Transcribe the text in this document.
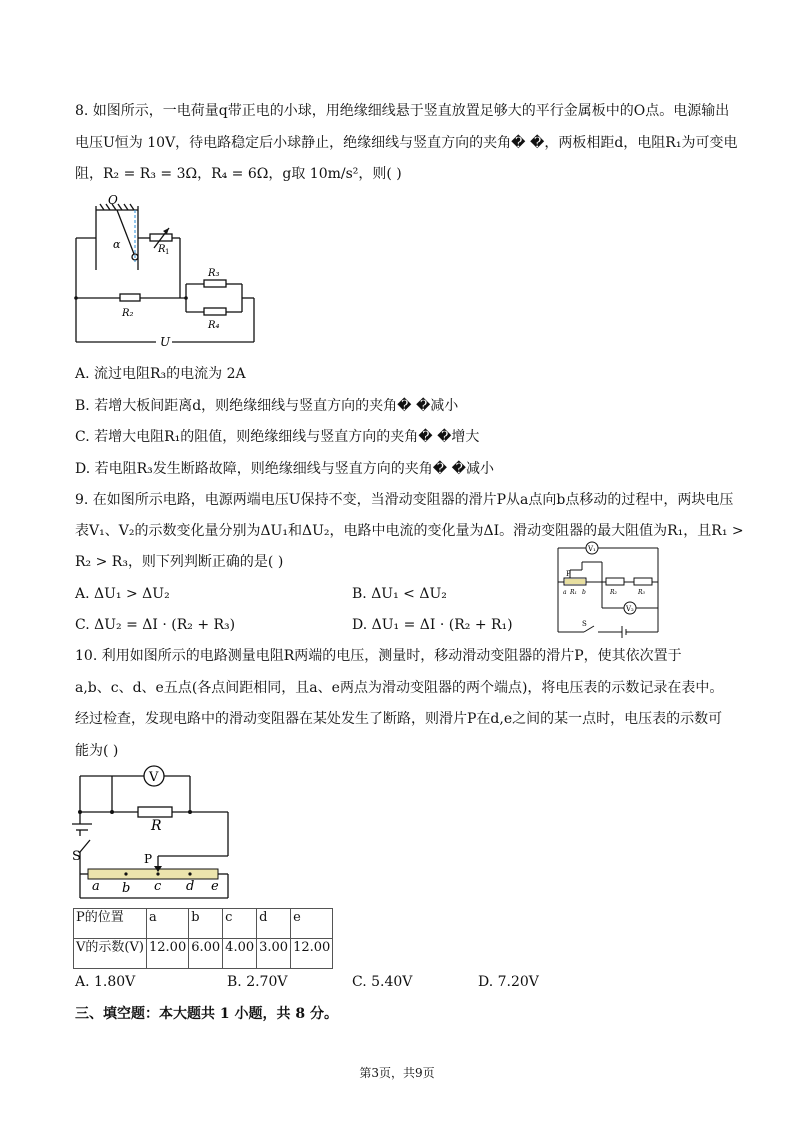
8. 如图所示，一电荷量q带正电的小球，用绝缘细线悬于竖直放置足够大的平行金属板中的O点。电源输出
电压U恒为 10V，待电路稳定后小球静止，绝缘细线与竖直方向的夹角� �，两板相距d，电阻R₁为可变电
阻，R₂ = R₃ = 3Ω，R₄ = 6Ω，g取 10m/s²，则( )
O
α	R 1
R₂
R₃
R₄
U
A. 流过电阻R₃的电流为 2A
B. 若增大板间距离d，则绝缘细线与竖直方向的夹角� �减小
C. 若增大电阻R₁的阻值，则绝缘细线与竖直方向的夹角� �增大
D. 若电阻R₃发生断路故障，则绝缘细线与竖直方向的夹角� �减小
9. 在如图所示电路，电源两端电压U保持不变，当滑动变阻器的滑片P从a点向b点移动的过程中，两块电压
表V₁、V₂的示数变化量分别为ΔU₁和ΔU₂，电路中电流的变化量为ΔI。滑动变阻器的最大阻值为R₁，且R₁ >
R₂ > R₃，则下列判断正确的是( )
A. ΔU₁ > ΔU₂	B. ΔU₁ < ΔU₂
C. ΔU₂ = ΔI · (R₂ + R₃)	D. ΔU₁ = ΔI · (R₂ + R₁)
V₁
V₂
P
a R₁ b	R₂	R₃
S
10. 利用如图所示的电路测量电阻R两端的电压，测量时，移动滑动变阻器的滑片P，使其依次置于
a,b、c、d、e五点(各点间距相同，且a、e两点为滑动变阻器的两个端点)，将电压表的示数记录在表中。
经过检查，发现电路中的滑动变阻器在某处发生了断路，则滑片P在d,e之间的某一点时，电压表的示数可
能为( )
V
R
S	P
a b c d e
P的位置	a	b	c	d	e
V的示数(V)	12.00	6.00	4.00	3.00	12.00
A. 1.80V	B. 2.70V	C. 5.40V	D. 7.20V
三、填空题：本大题共 1 小题，共 8 分。
第3页，共9页
